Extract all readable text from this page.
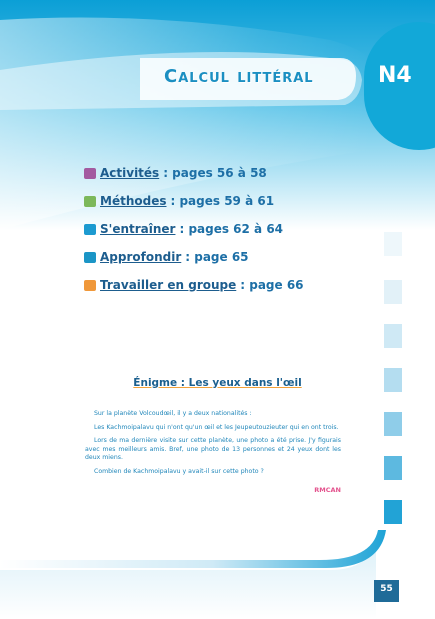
Calcul littéral	N4
Activités : pages 56 à 58
Méthodes : pages 59 à 61
S'entraîner : pages 62 à 64
Approfondir : page 65
Travailler en groupe : page 66
Énigme : Les yeux dans l'œil

Sur la planète Volcoudœil, il y a deux nationalités :

Les Kachmoipalavu qui n'ont qu'un œil et les Jeupeutouzieuter qui en ont trois.

Lors de ma dernière visite sur cette planète, une photo a été prise. J'y figurais avec mes meilleurs amis. Bref, une photo de 13 personnes et 24 yeux dont les deux miens.

Combien de Kachmoipalavu y avait-il sur cette photo ?

RMCAN
55
